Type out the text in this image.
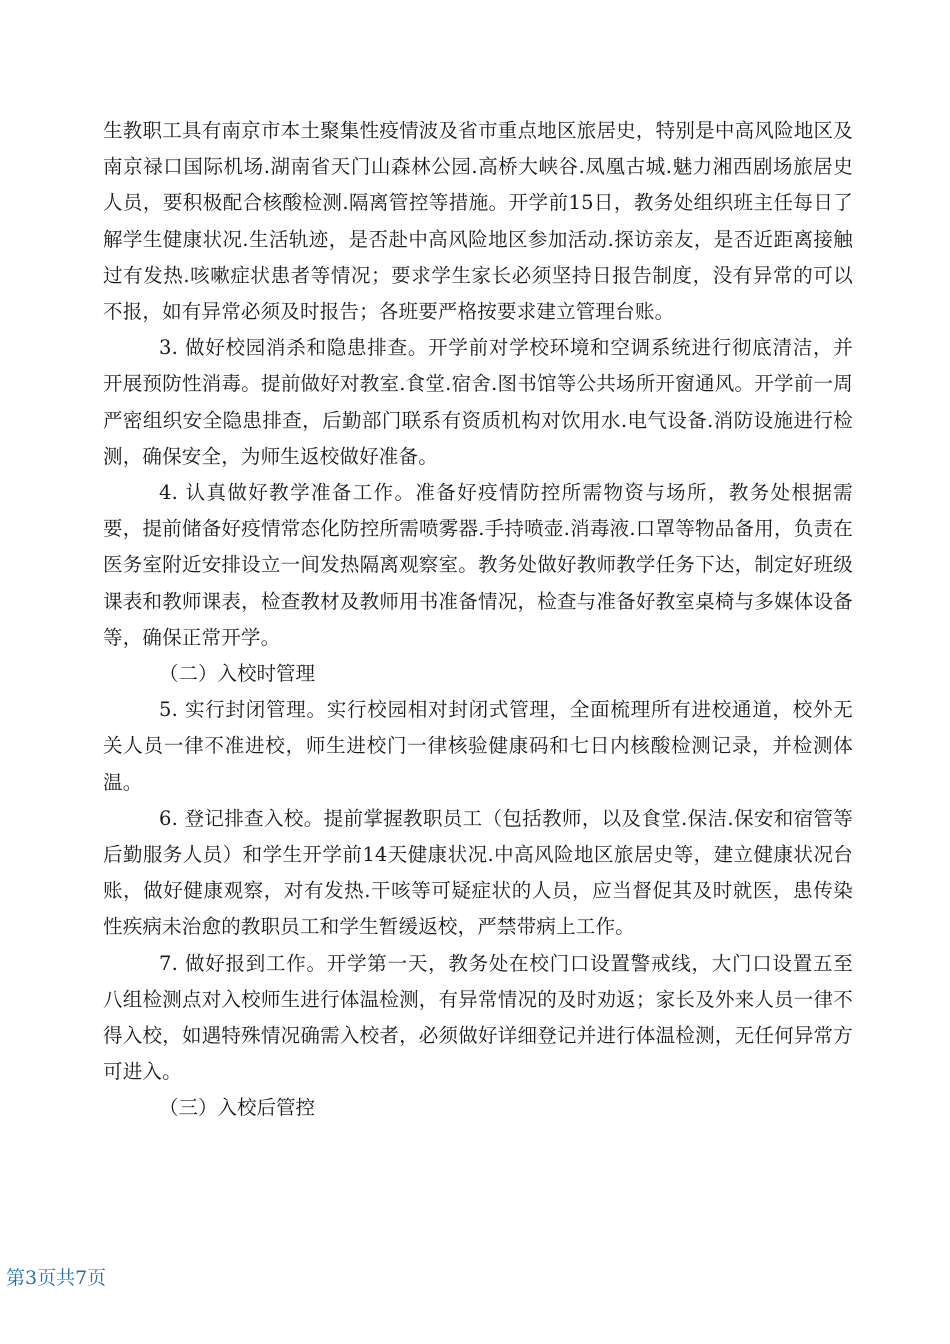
生教职工具有南京市本土聚集性疫情波及省市重点地区旅居史，特别是中高风险地区及南京禄口国际机场.湖南省天门山森林公园.高桥大峡谷.凤凰古城.魅力湘西剧场旅居史人员，要积极配合核酸检测.隔离管控等措施。开学前15日，教务处组织班主任每日了解学生健康状况.生活轨迹，是否赴中高风险地区参加活动.探访亲友，是否近距离接触过有发热.咳嗽症状患者等情况；要求学生家长必须坚持日报告制度，没有异常的可以不报，如有异常必须及时报告；各班要严格按要求建立管理台账。

3. 做好校园消杀和隐患排查。开学前对学校环境和空调系统进行彻底清洁，并开展预防性消毒。提前做好对教室.食堂.宿舍.图书馆等公共场所开窗通风。开学前一周严密组织安全隐患排查，后勤部门联系有资质机构对饮用水.电气设备.消防设施进行检测，确保安全，为师生返校做好准备。

4. 认真做好教学准备工作。准备好疫情防控所需物资与场所，教务处根据需要，提前储备好疫情常态化防控所需喷雾器.手持喷壶.消毒液.口罩等物品备用，负责在医务室附近安排设立一间发热隔离观察室。教务处做好教师教学任务下达，制定好班级课表和教师课表，检查教材及教师用书准备情况，检查与准备好教室桌椅与多媒体设备等，确保正常开学。

（二）入校时管理

5. 实行封闭管理。实行校园相对封闭式管理，全面梳理所有进校通道，校外无关人员一律不准进校，师生进校门一律核验健康码和七日内核酸检测记录，并检测体温。

6. 登记排查入校。提前掌握教职员工（包括教师，以及食堂.保洁.保安和宿管等后勤服务人员）和学生开学前14天健康状况.中高风险地区旅居史等，建立健康状况台账，做好健康观察，对有发热.干咳等可疑症状的人员，应当督促其及时就医，患传染性疾病未治愈的教职员工和学生暂缓返校，严禁带病上工作。

7. 做好报到工作。开学第一天，教务处在校门口设置警戒线，大门口设置五至八组检测点对入校师生进行体温检测，有异常情况的及时劝返；家长及外来人员一律不得入校，如遇特殊情况确需入校者，必须做好详细登记并进行体温检测，无任何异常方可进入。

（三）入校后管控

第3页共7页
